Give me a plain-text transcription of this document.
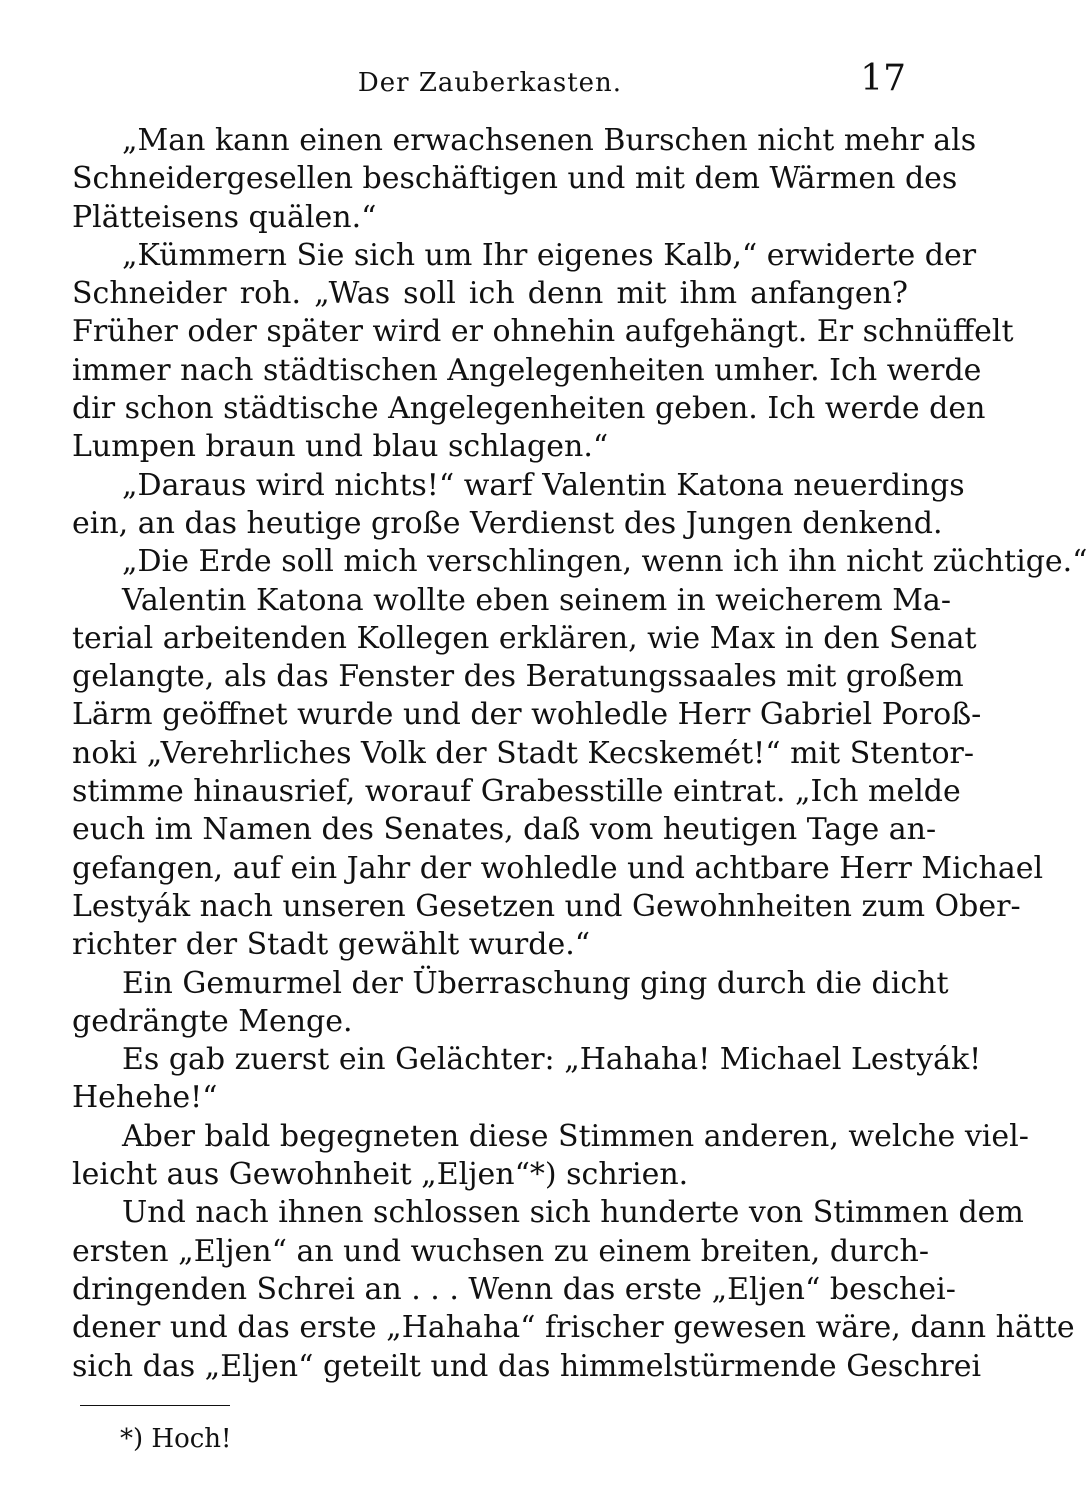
Der Zauberkasten.	17
„Man kann einen erwachsenen Burschen nicht mehr als
Schneidergesellen beschäftigen und mit dem Wärmen des
Plätteisens quälen.“
„Kümmern Sie sich um Ihr eigenes Kalb,“ erwiderte der
Schneider roh. „Was soll ich denn mit ihm anfangen?
Früher oder später wird er ohnehin aufgehängt. Er schnüffelt
immer nach städtischen Angelegenheiten umher. Ich werde
dir schon städtische Angelegenheiten geben. Ich werde den
Lumpen braun und blau schlagen.“
„Daraus wird nichts!“ warf Valentin Katona neuerdings
ein, an das heutige große Verdienst des Jungen denkend.
„Die Erde soll mich verschlingen, wenn ich ihn nicht züchtige.“
Valentin Katona wollte eben seinem in weicherem Ma-
terial arbeitenden Kollegen erklären, wie Max in den Senat
gelangte, als das Fenster des Beratungssaales mit großem
Lärm geöffnet wurde und der wohledle Herr Gabriel Poroß-
noki „Verehrliches Volk der Stadt Kecskemét!“ mit Stentor-
stimme hinausrief, worauf Grabesstille eintrat. „Ich melde
euch im Namen des Senates, daß vom heutigen Tage an-
gefangen, auf ein Jahr der wohledle und achtbare Herr Michael
Lestyák nach unseren Gesetzen und Gewohnheiten zum Ober-
richter der Stadt gewählt wurde.“
Ein Gemurmel der Überraschung ging durch die dicht
gedrängte Menge.
Es gab zuerst ein Gelächter: „Hahaha! Michael Lestyák!
Hehehe!“
Aber bald begegneten diese Stimmen anderen, welche viel-
leicht aus Gewohnheit „Eljen“*) schrien.
Und nach ihnen schlossen sich hunderte von Stimmen dem
ersten „Eljen“ an und wuchsen zu einem breiten, durch-
dringenden Schrei an . . . Wenn das erste „Eljen“ beschei-
dener und das erste „Hahaha“ frischer gewesen wäre, dann hätte
sich das „Eljen“ geteilt und das himmelstürmende Geschrei
*) Hoch!
